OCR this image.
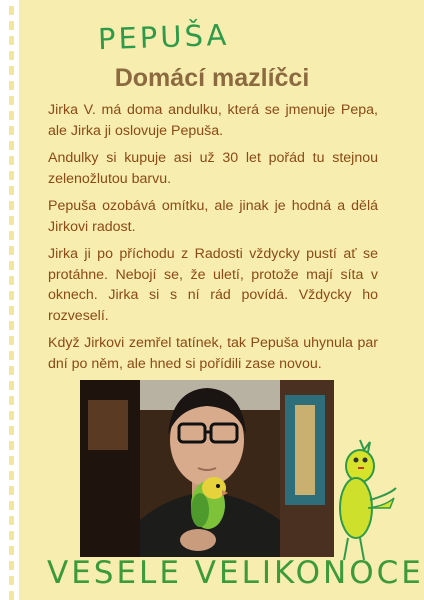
PEPUŠA
Domácí mazlíčci

Jirka V. má doma andulku, která se jmenuje Pepa, ale Jirka ji oslovuje Pepuša.

Andulky si kupuje asi už 30 let pořád tu stejnou zelenožlutou barvu.

Pepuša ozobává omítku, ale jinak je hodná a dělá Jirkovi radost.

Jirka ji po příchodu z Radosti vždycky pustí ať se protáhne. Nebojí se, že uletí, protože mají síta v oknech. Jirka si s ní rád povídá. Vždycky ho rozveselí.

Když Jirkovi zemřel tatínek, tak Pepuša uhynula par dní po něm, ale hned si pořídili zase novou.

VESELE VELIKONOCE
